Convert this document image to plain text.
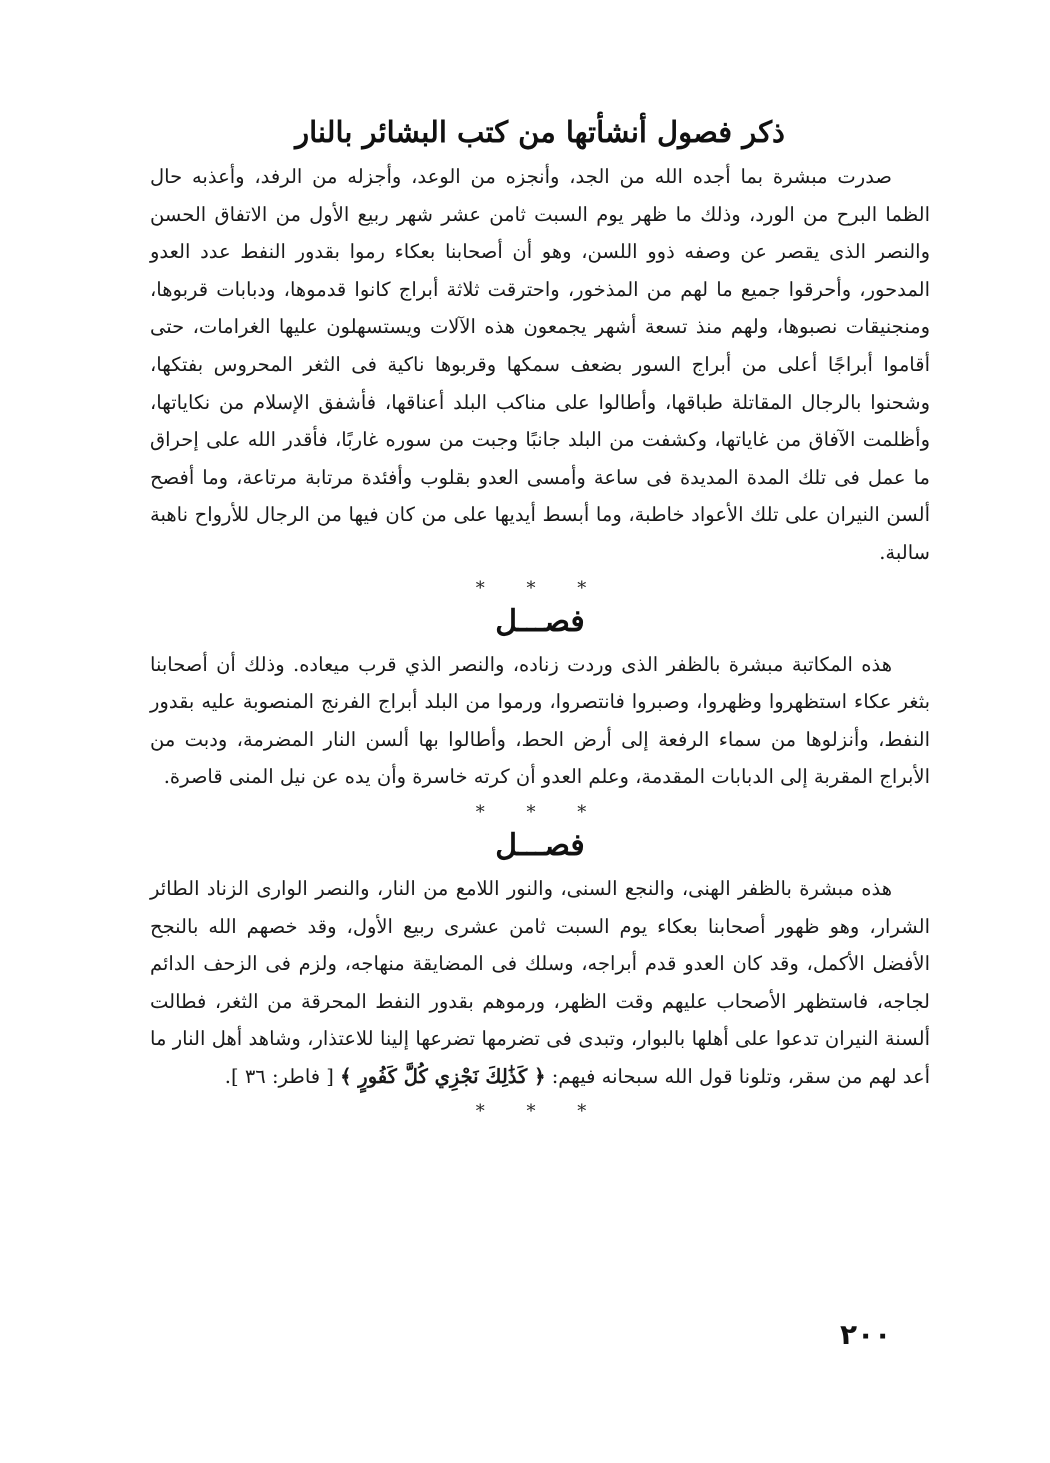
ذكر فصول أنشأتها من كتب البشائر بالنار

صدرت مبشرة بما أجده الله من الجد، وأنجزه من الوعد، وأجزله من الرفد، وأعذبه حال الظما البرح من الورد، وذلك ما ظهر يوم السبت ثامن عشر شهر ربيع الأول من الاتفاق الحسن والنصر الذى يقصر عن وصفه ذوو اللسن، وهو أن أصحابنا بعكاء رموا بقدور النفط عدد العدو المدحور، وأحرقوا جميع ما لهم من المذخور، واحترقت ثلاثة أبراج كانوا قدموها، ودبابات قربوها، ومنجنيقات نصبوها، ولهم منذ تسعة أشهر يجمعون هذه الآلات ويستسهلون عليها الغرامات، حتى أقاموا أبراجًا أعلى من أبراج السور بضعف سمكها وقربوها ناكية فى الثغر المحروس بفتكها، وشحنوا بالرجال المقاتلة طباقها، وأطالوا على مناكب البلد أعناقها، فأشفق الإسلام من نكاياتها، وأظلمت الآفاق من غاياتها، وكشفت من البلد جانبًا وجبت من سوره غاربًا، فأقدر الله على إحراق ما عمل فى تلك المدة المديدة فى ساعة وأمسى العدو بقلوب وأفئدة مرتابة مرتاعة، وما أفصح ألسن النيران على تلك الأعواد خاطبة، وما أبسط أيديها على من كان فيها من الرجال للأرواح ناهبة سالبة.

* * *
فصـــل

هذه المكاتبة مبشرة بالظفر الذى وردت زناده، والنصر الذي قرب ميعاده. وذلك أن أصحابنا بثغر عكاء استظهروا وظهروا، وصبروا فانتصروا، ورموا من البلد أبراج الفرنج المنصوبة عليه بقدور النفط، وأنزلوها من سماء الرفعة إلى أرض الحط، وأطالوا بها ألسن النار المضرمة، ودبت من الأبراج المقربة إلى الدبابات المقدمة، وعلم العدو أن كرته خاسرة وأن يده عن نيل المنى قاصرة.

* * *
فصـــل

هذه مبشرة بالظفر الهنى، والنجع السنى، والنور اللامع من النار، والنصر الوارى الزناد الطائر الشرار، وهو ظهور أصحابنا بعكاء يوم السبت ثامن عشرى ربيع الأول، وقد خصهم الله بالنجح الأفضل الأكمل، وقد كان العدو قدم أبراجه، وسلك فى المضايقة منهاجه، ولزم فى الزحف الدائم لجاجه، فاستظهر الأصحاب عليهم وقت الظهر، ورموهم بقدور النفط المحرقة من الثغر، فطالت ألسنة النيران تدعوا على أهلها بالبوار، وتبدى فى تضرمها تضرعها إلينا للاعتذار، وشاهد أهل النار ما أعد لهم من سقر، وتلونا قول الله سبحانه فيهم: ﴿ كَذَٰلِكَ نَجْزِي كُلَّ كَفُورٍ ﴾ [ فاطر: ٣٦ ].

* * *
٢٠٠
